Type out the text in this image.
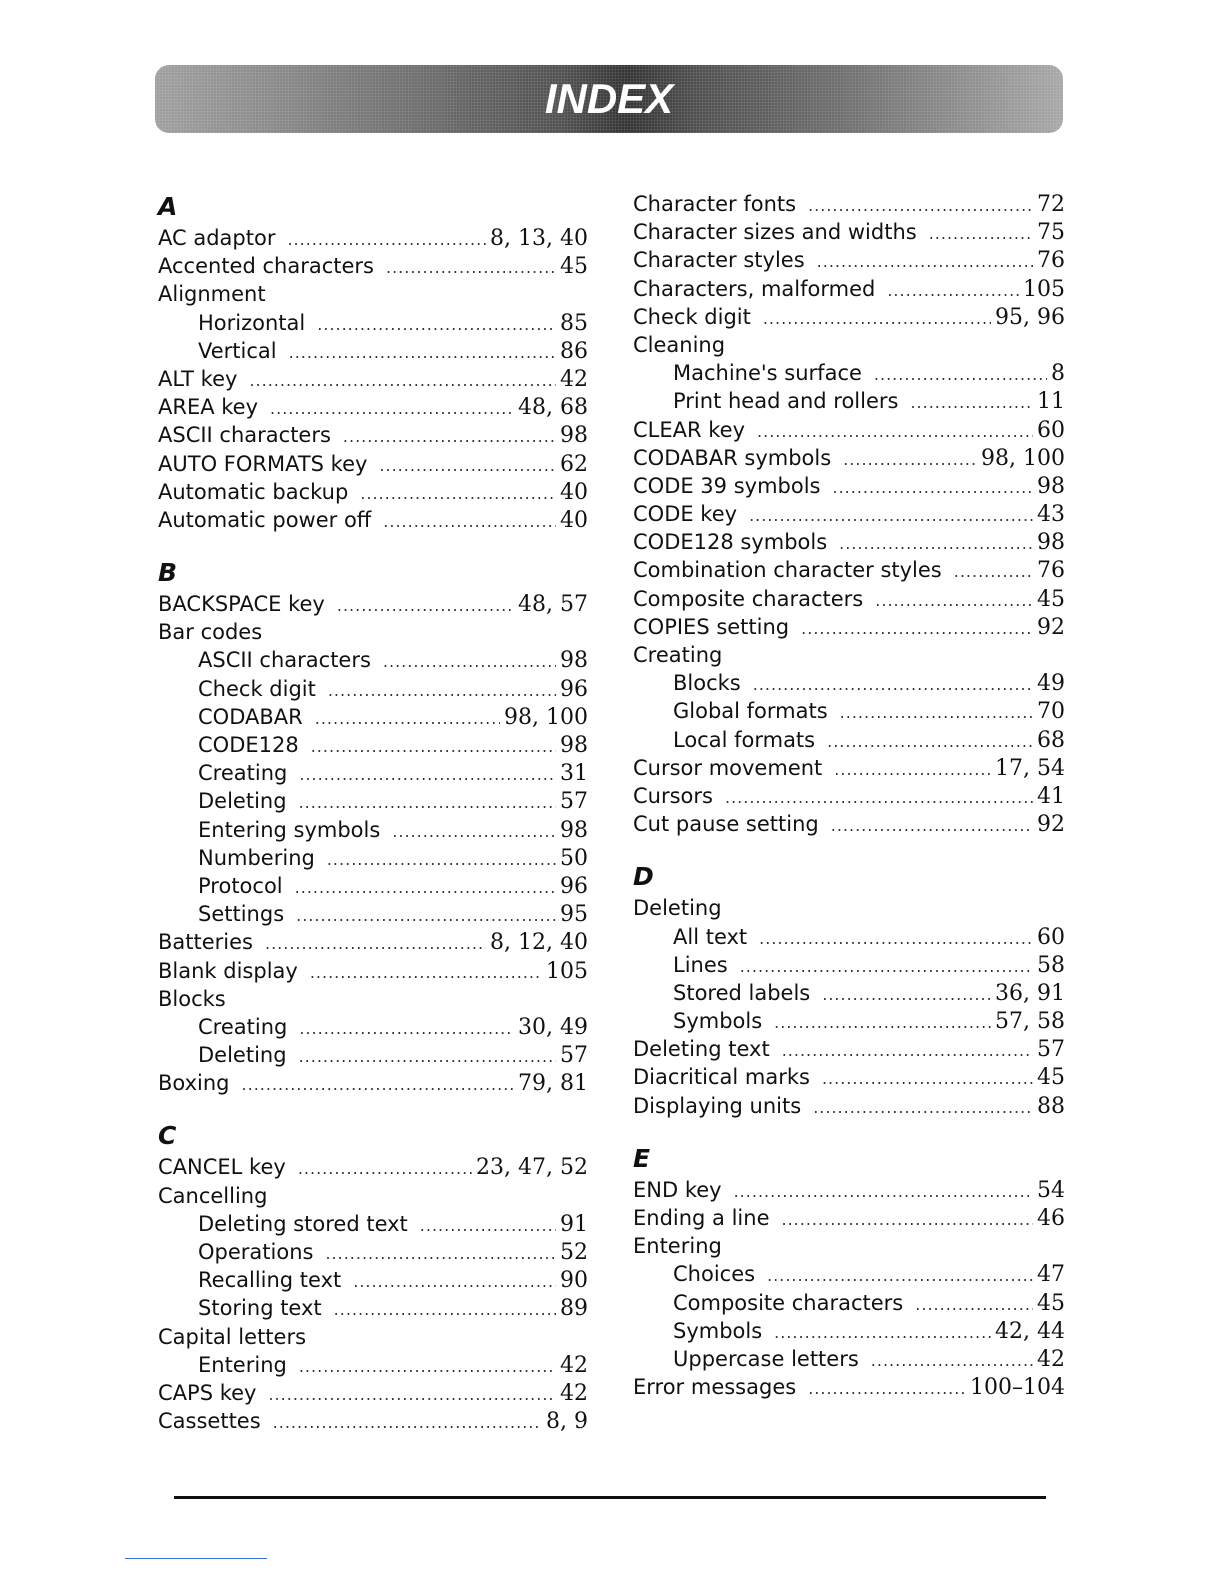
INDEX
A
AC adaptor .....	8, 13, 40
Accented characters .....	45
Alignment
Horizontal .....	85
Vertical .....	86
ALT key .....	42
AREA key .....	48, 68
ASCII characters .....	98
AUTO FORMATS key .....	62
Automatic backup .....	40
Automatic power off .....	40
B
BACKSPACE key .....	48, 57
Bar codes
ASCII characters .....	98
Check digit .....	96
CODABAR .....	98, 100
CODE128 .....	98
Creating .....	31
Deleting .....	57
Entering symbols .....	98
Numbering .....	50
Protocol .....	96
Settings .....	95
Batteries .....	8, 12, 40
Blank display .....	105
Blocks
Creating .....	30, 49
Deleting .....	57
Boxing .....	79, 81
C
CANCEL key .....	23, 47, 52
Cancelling
Deleting stored text .....	91
Operations .....	52
Recalling text .....	90
Storing text .....	89
Capital letters
Entering .....	42
CAPS key .....	42
Cassettes .....	8, 9
Character fonts .....	72
Character sizes and widths .....	75
Character styles .....	76
Characters, malformed .....	105
Check digit .....	95, 96
Cleaning
Machine's surface .....	8
Print head and rollers .....	11
CLEAR key .....	60
CODABAR symbols .....	98, 100
CODE 39 symbols .....	98
CODE key .....	43
CODE128 symbols .....	98
Combination character styles .....	76
Composite characters .....	45
COPIES setting .....	92
Creating
Blocks .....	49
Global formats .....	70
Local formats .....	68
Cursor movement .....	17, 54
Cursors .....	41
Cut pause setting .....	92
D
Deleting
All text .....	60
Lines .....	58
Stored labels .....	36, 91
Symbols .....	57, 58
Deleting text .....	57
Diacritical marks .....	45
Displaying units .....	88
E
END key .....	54
Ending a line .....	46
Entering
Choices .....	47
Composite characters .....	45
Symbols .....	42, 44
Uppercase letters .....	42
Error messages .....	100–104
